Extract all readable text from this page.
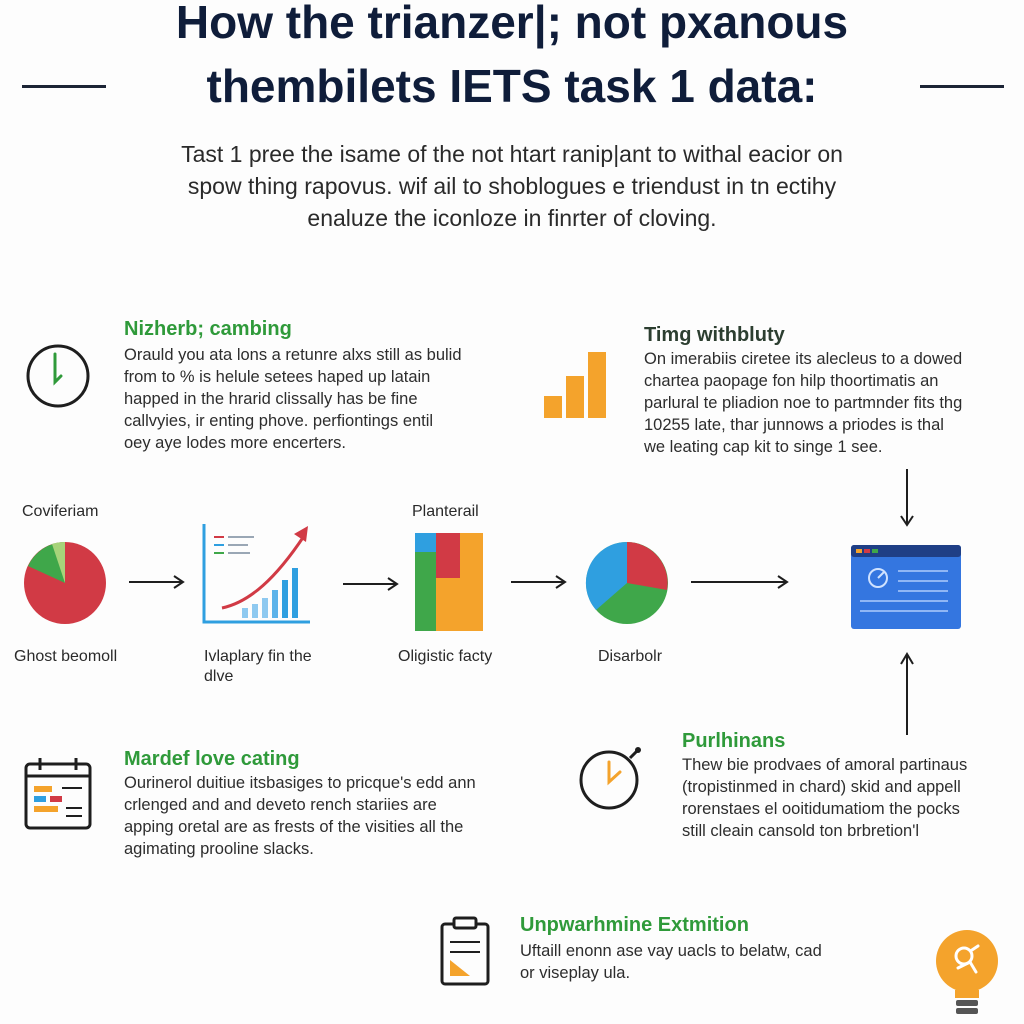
How the trianzer|; not pxanous
thembilets IETS task 1 data:
Tast 1 pree the isame of the not htart ranip|ant to withal eacior on
spow thing rapovus. wif ail to shoblogues e triendust in tn ectihy
enaluze the iconloze in finrter of cloving.
Nizherb; cambing
Orauld you ata lons a retunre alxs still as bulid
from to % is helule setees haped up latain
happed in the hrarid clissally has be fine
callvyies, ir enting phove. perfiontings entil
oey aye lodes more encerters.
Timg withbluty
On imerabiis ciretee its alecleus to a dowed
chartea paopage fon hilp thoortimatis an
parlural te pliadion noe to partmnder fits thg
10255 late, thar junnows a priodes is thal
we leating cap kit to singe 1 see.
Coviferiam	Planterail
Ghost beomoll	Ivlaplary fin the
dlve
Oligistic facty	Disarbolr
Mardef love cating
Ourinerol duitiue itsbasiges to pricque's edd ann
crlenged and and deveto rench stariies are
apping oretal are as frests of the visities all the
agimating prooline slacks.
Purlhinans
Thew bie prodvaes of amoral partinaus
(tropistinmed in chard) skid and appell
rorenstaes el ooitidumatiom the pocks
still cleain cansold ton brbretion'l
Unpwarhmine Extmition
Uftaill enonn ase vay uacls to belatw, cad
or viseplay ula.
